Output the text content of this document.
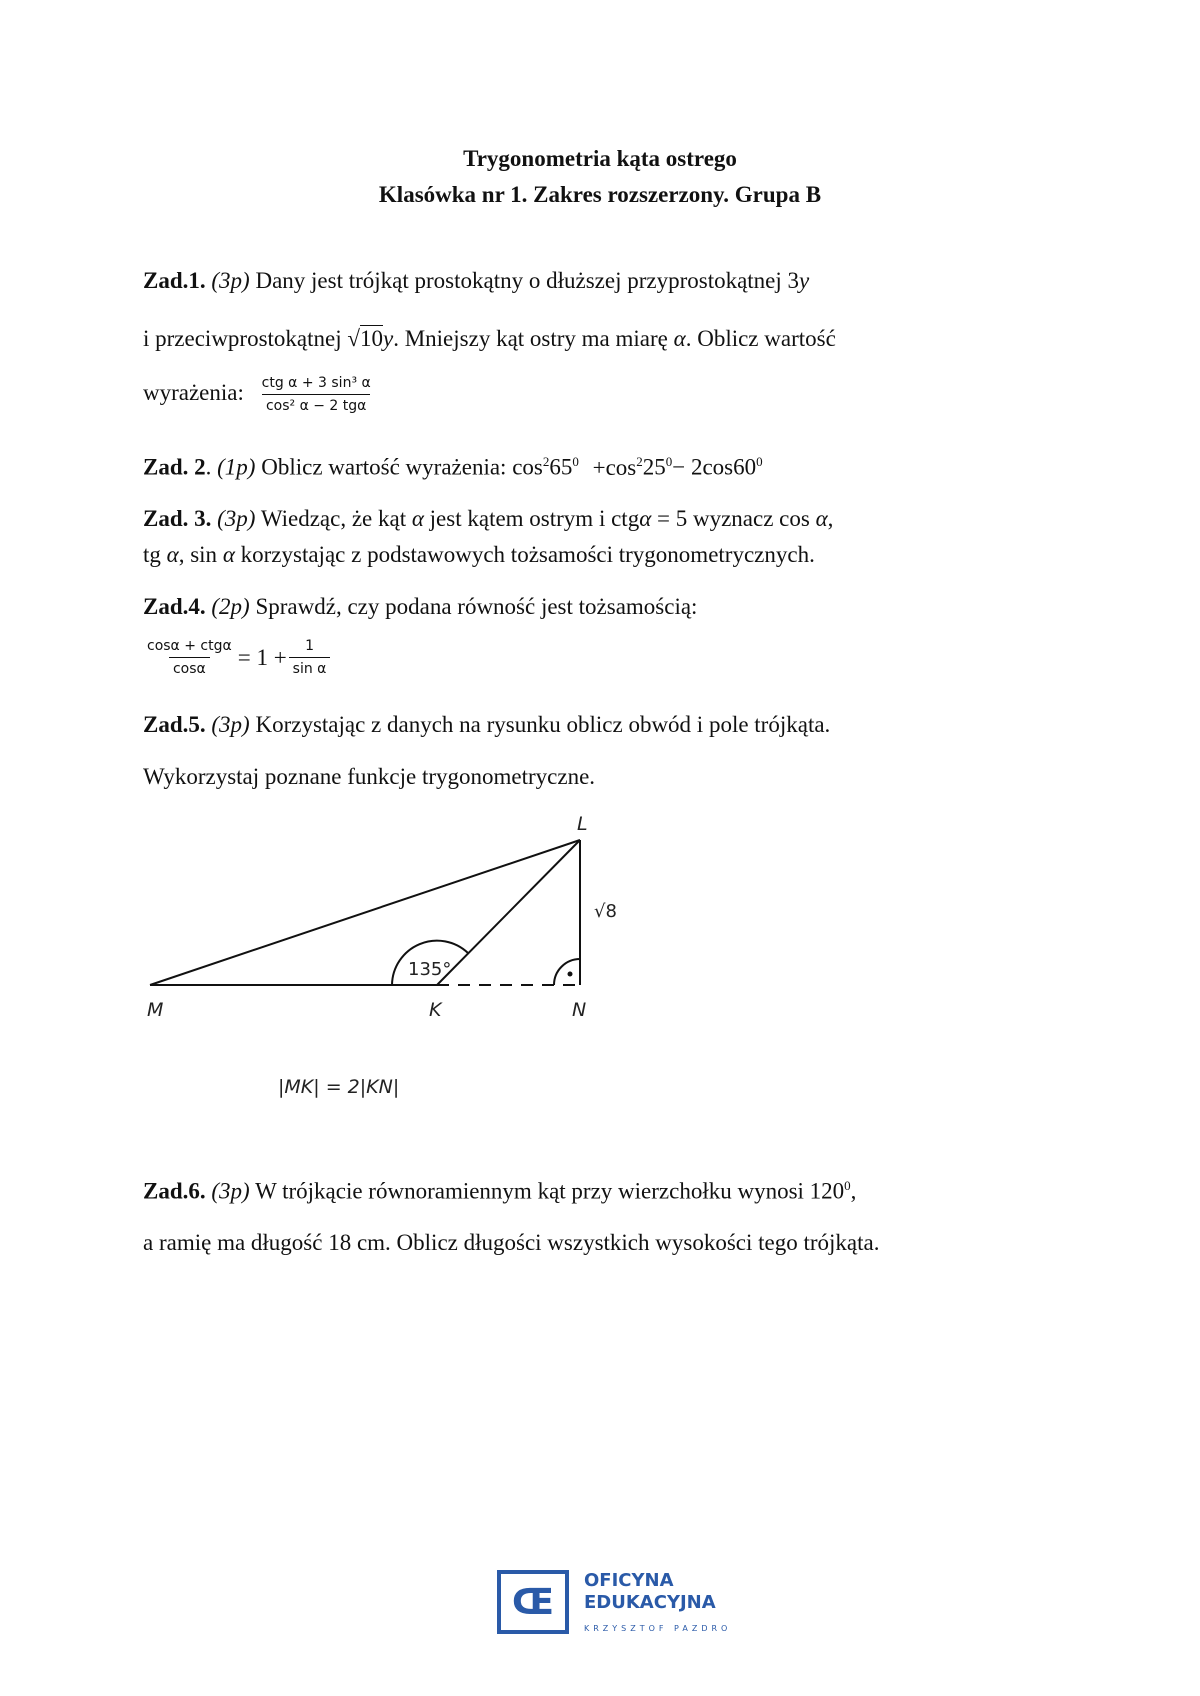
Trygonometria kąta ostrego
Klasówka nr 1. Zakres rozszerzony. Grupa B
Zad.1. (3p) Dany jest trójkąt prostokątny o dłuższej przyprostokątnej 3y
i przeciwprostokątnej √10y. Mniejszy kąt ostry ma miarę α. Oblicz wartość
wyrażenia: $\frac{\text{ctg α + 3 sin³ α}}{\text{cos² α − 2 tgα}}$
Zad. 2. (1p) Oblicz wartość wyrażenia: $\cos^265^0 +\cos^225^0- 2\cos 60^0$
Zad. 3. (3p) Wiedząc, że kąt α jest kątem ostrym i ctgα = 5 wyznacz cos α,
tg α, sin α korzystając z podstawowych tożsamości trygonometrycznych.
Zad.4. (2p) Sprawdź, czy podana równość jest tożsamością:
$\frac{\text{cosα + ctgα}}{\cos\alpha} = 1 + \frac{1}{\text{sin α}}$
Zad.5. (3p) Korzystając z danych na rysunku oblicz obwód i pole trójkąta.
Wykorzystaj poznane funkcje trygonometryczne.
L
M	K	N
135°
√8
|MK| = 2|KN|
Zad.6. (3p) W trójkącie równoramiennym kąt przy wierzchołku wynosi $120^0$,
a ramię ma długość 18 cm. Oblicz długości wszystkich wysokości tego trójkąta.
Œ
OFICYNA
EDUKACYJNA
KRZYSZTOF PAZDRO
